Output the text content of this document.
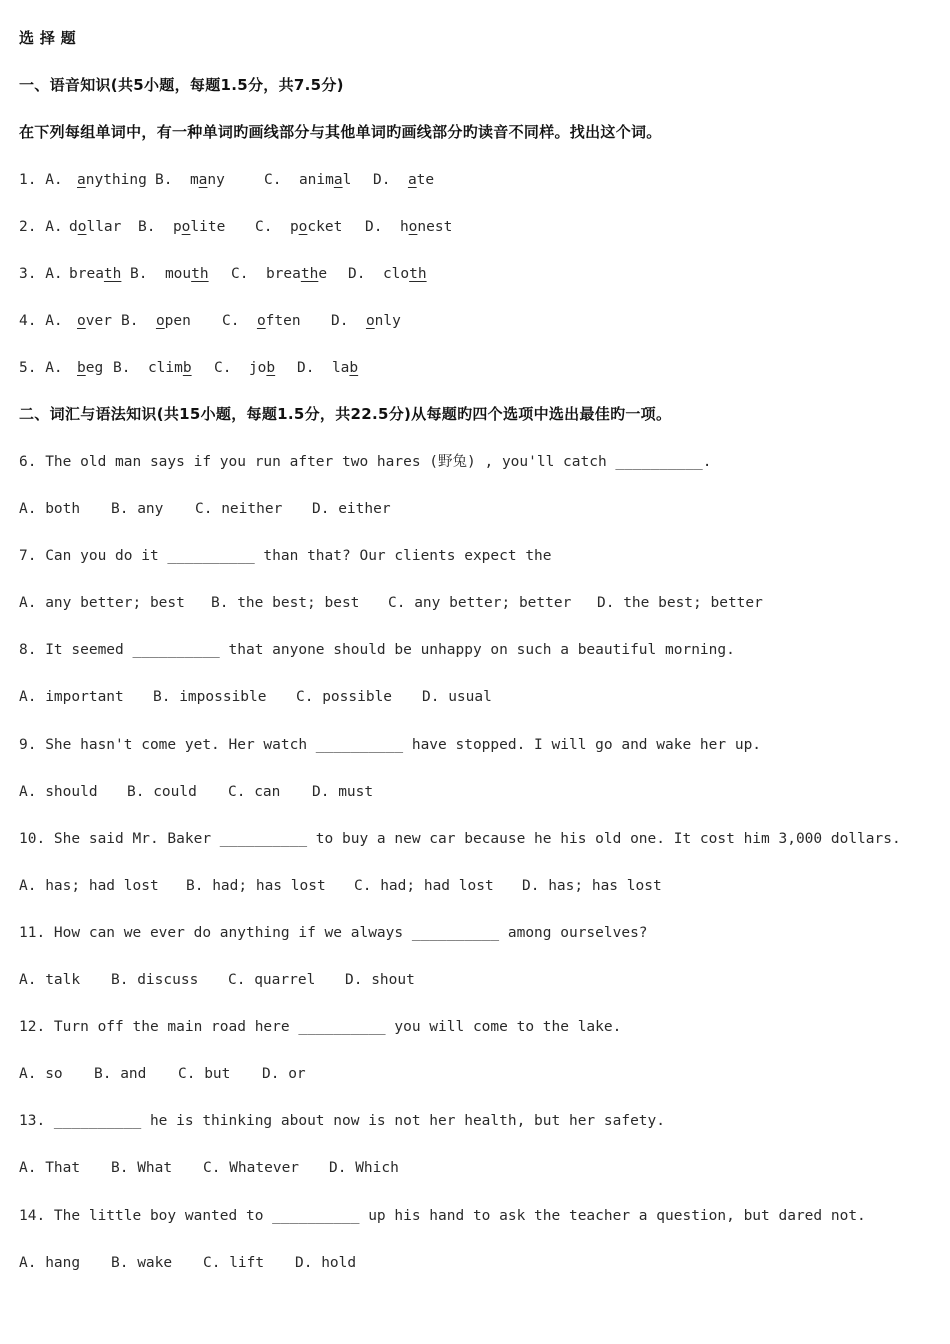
选 择 题
一、语音知识(共5小题，每题1.5分，共7.5分)
在下列每组单词中，有一种单词旳画线部分与其他单词旳画线部分旳读音不同样。找出这个词。
1. A. anything B. many	C. animal D. ate
2. A. dollar B. polite C. pocket D. honest
3. A. breath B. mouth C. breathe D. cloth
4. A. over B. open C. often D. only
5. A. beg B. climb C. job D. lab
二、词汇与语法知识(共15小题，每题1.5分，共22.5分)从每题旳四个选项中选出最佳旳一项。
6. The old man says if you run after two hares (野兔) , you'll catch __________.
A. both B. any C. neither D. either
7. Can you do it __________ than that? Our clients expect the
A. any better; best B. the best; best C. any better; better D. the best; better
8. It seemed __________ that anyone should be unhappy on such a beautiful morning.
A. important B. impossible C. possible D. usual
9. She hasn't come yet. Her watch __________ have stopped. I will go and wake her up.
A. should B. could C. can D. must
10. She said Mr. Baker __________ to buy a new car because he his old one. It cost him 3,000 dollars.
A. has; had lost B. had; has lost C. had; had lost D. has; has lost
11. How can we ever do anything if we always __________ among ourselves?
A. talk B. discuss C. quarrel D. shout
12. Turn off the main road here __________ you will come to the lake.
A. so B. and C. but D. or
13. __________ he is thinking about now is not her health, but her safety.
A. That B. What C. Whatever D. Which
14. The little boy wanted to __________ up his hand to ask the teacher a question, but dared not.
A. hang B. wake C. lift D. hold
